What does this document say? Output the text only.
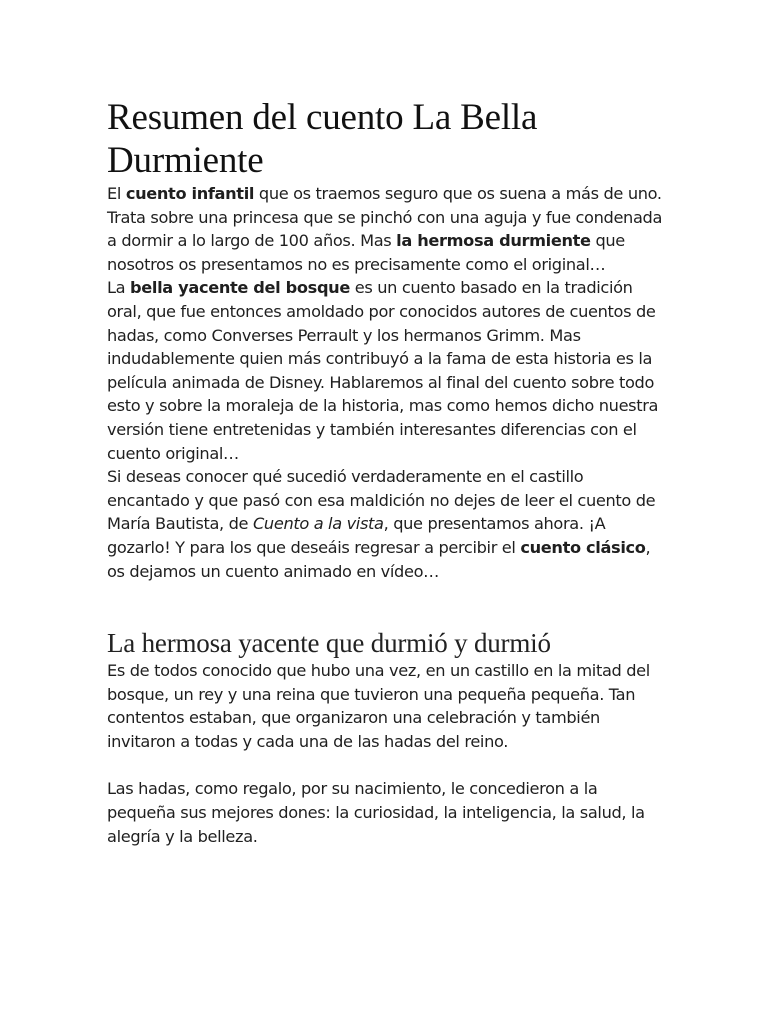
Resumen del cuento La Bella Durmiente

El cuento infantil que os traemos seguro que os suena a más de uno. Trata sobre una princesa que se pinchó con una aguja y fue condenada a dormir a lo largo de 100 años. Mas la hermosa durmiente que nosotros os presentamos no es precisamente como el original…

La bella yacente del bosque es un cuento basado en la tradición oral, que fue entonces amoldado por conocidos autores de cuentos de hadas, como Converses Perrault y los hermanos Grimm. Mas indudablemente quien más contribuyó a la fama de esta historia es la película animada de Disney. Hablaremos al final del cuento sobre todo esto y sobre la moraleja de la historia, mas como hemos dicho nuestra versión tiene entretenidas y también interesantes diferencias con el cuento original…

Si deseas conocer qué sucedió verdaderamente en el castillo encantado y que pasó con esa maldición no dejes de leer el cuento de María Bautista, de Cuento a la vista, que presentamos ahora. ¡A gozarlo! Y para los que deseáis regresar a percibir el cuento clásico, os dejamos un cuento animado en vídeo…

La hermosa yacente que durmió y durmió

Es de todos conocido que hubo una vez, en un castillo en la mitad del bosque, un rey y una reina que tuvieron una pequeña pequeña. Tan contentos estaban, que organizaron una celebración y también invitaron a todas y cada una de las hadas del reino.

Las hadas, como regalo, por su nacimiento, le concedieron a la pequeña sus mejores dones: la curiosidad, la inteligencia, la salud, la alegría y la belleza.
